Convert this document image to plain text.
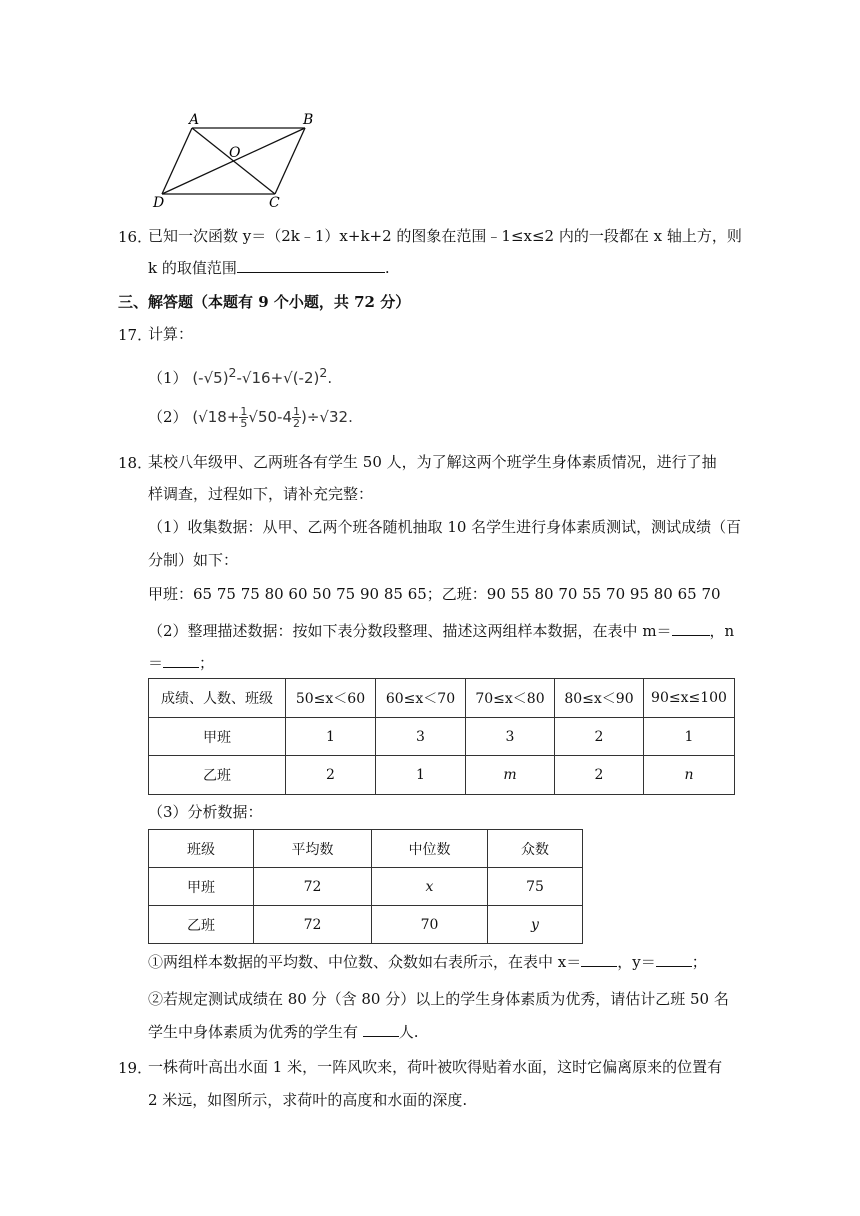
A	B
C
D
O
16．
已知一次函数 y＝（2k﹣1）x+k+2 的图象在范围﹣1≤x≤2 内的一段都在 x 轴上方，则
k 的取值范围	.
三、解答题（本题有 9 个小题，共 72 分）
17．
计算：
（1） $(-√5)^2-√16+√(-2)^2$.
（2） $(√18+ \frac{1}{5} √50-4 \frac{1}{2} )\div√32$.
18．
某校八年级甲、乙两班各有学生 50 人，为了解这两个班学生身体素质情况，进行了抽
样调查，过程如下，请补充完整：
（1）收集数据：从甲、乙两个班各随机抽取 10 名学生进行身体素质测试，测试成绩（百
分制）如下：
甲班：65 75 75 80 60 50 75 90 85 65；乙班：90 55 80 70 55 70 95 80 65 70
（2）整理描述数据：按如下表分数段整理、描述这两组样本数据，在表中 m＝	，n
＝ ；
成绩、人数、班级	50≤x＜60	60≤x＜70	70≤x＜80	80≤x＜90	90≤x≤100
甲班	1	3	3	2	1
乙班	2	1	m	2	n
（3）分析数据：
班级	平均数	中位数	众数
甲班	72	x	75
乙班	72	70	y
①两组样本数据的平均数、中位数、众数如右表所示，在表中 x＝ ，y＝ ；
②若规定测试成绩在 80 分（含 80 分）以上的学生身体素质为优秀，请估计乙班 50 名
学生中身体素质为优秀的学生有 人.
19．
一株荷叶高出水面 1 米，一阵风吹来，荷叶被吹得贴着水面，这时它偏离原来的位置有
2 米远，如图所示，求荷叶的高度和水面的深度.
